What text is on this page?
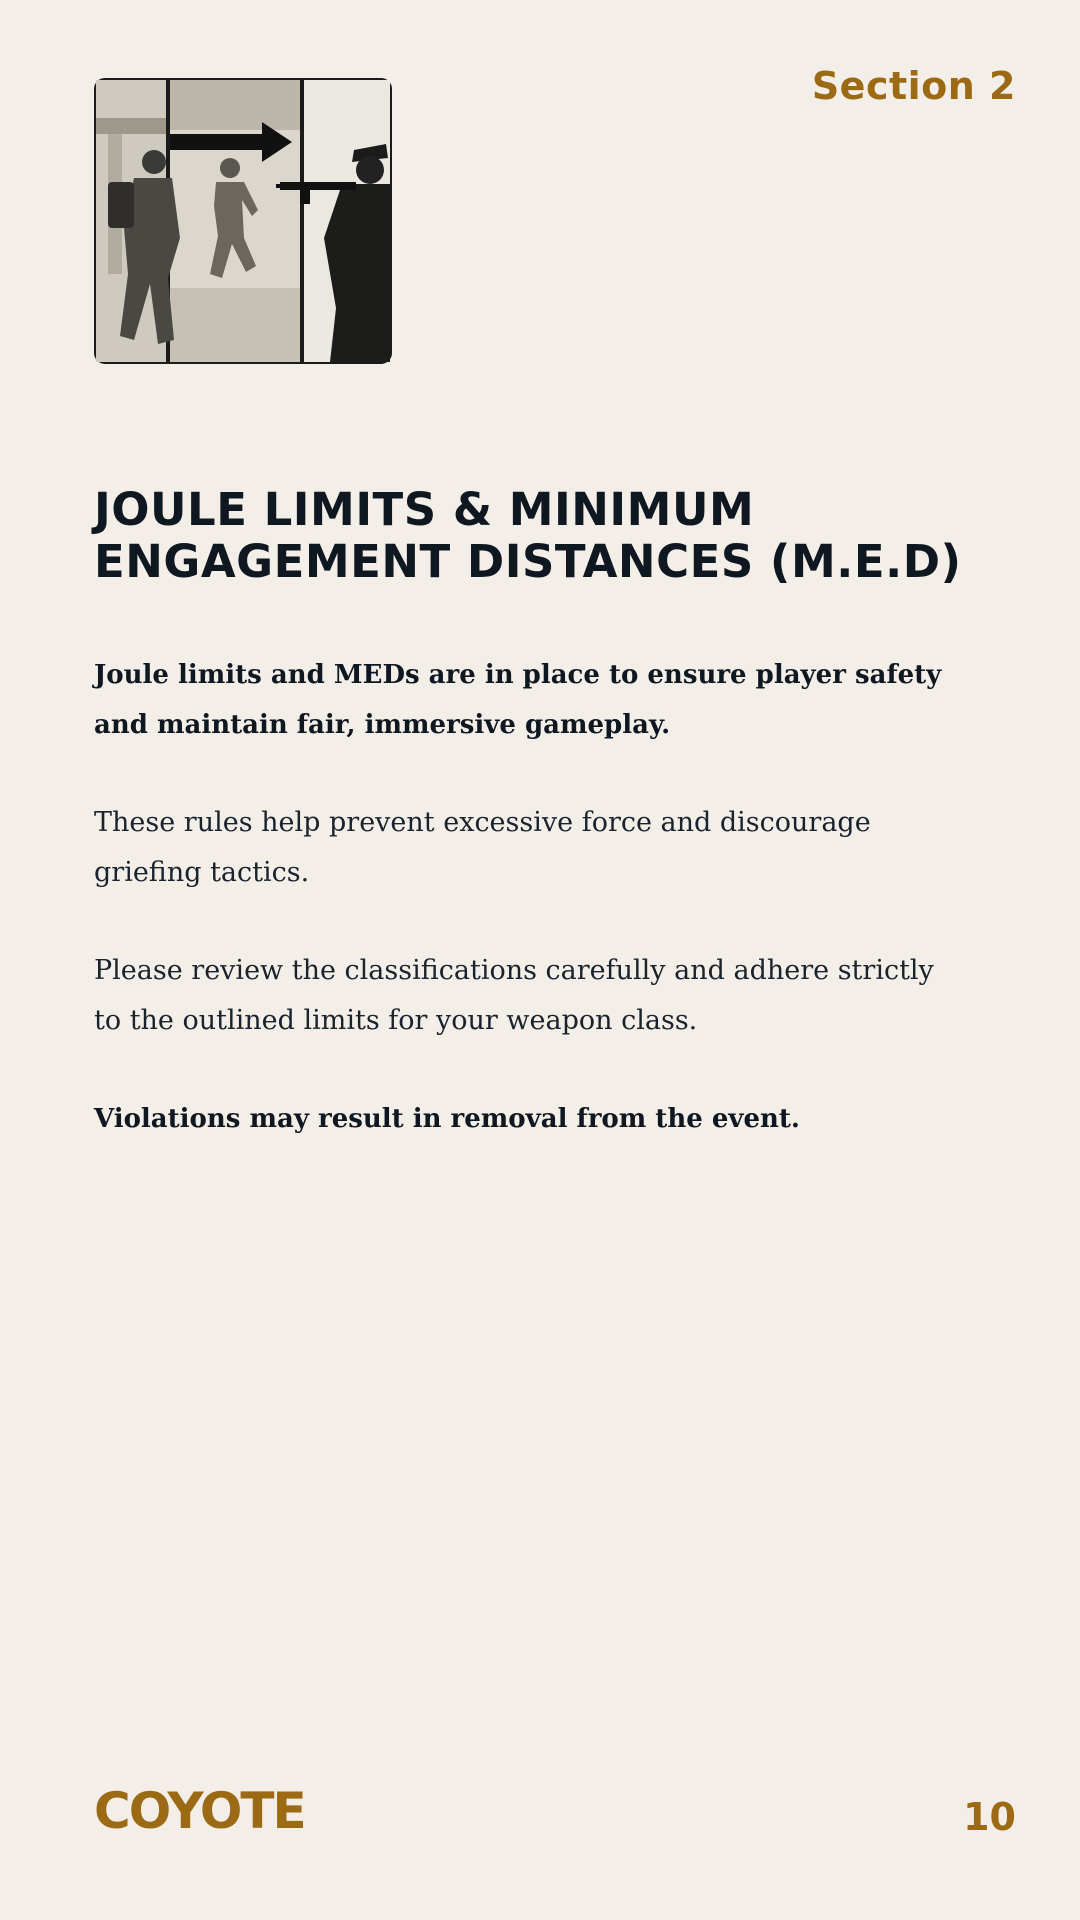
Section 2
JOULE LIMITS & MINIMUM
ENGAGEMENT DISTANCES (M.E.D)

Joule limits and MEDs are in place to ensure player safety and maintain fair, immersive gameplay.

These rules help prevent excessive force and discourage griefing tactics.

Please review the classifications carefully and adhere strictly to the outlined limits for your weapon class.

Violations may result in removal from the event.

COYOTE	10
